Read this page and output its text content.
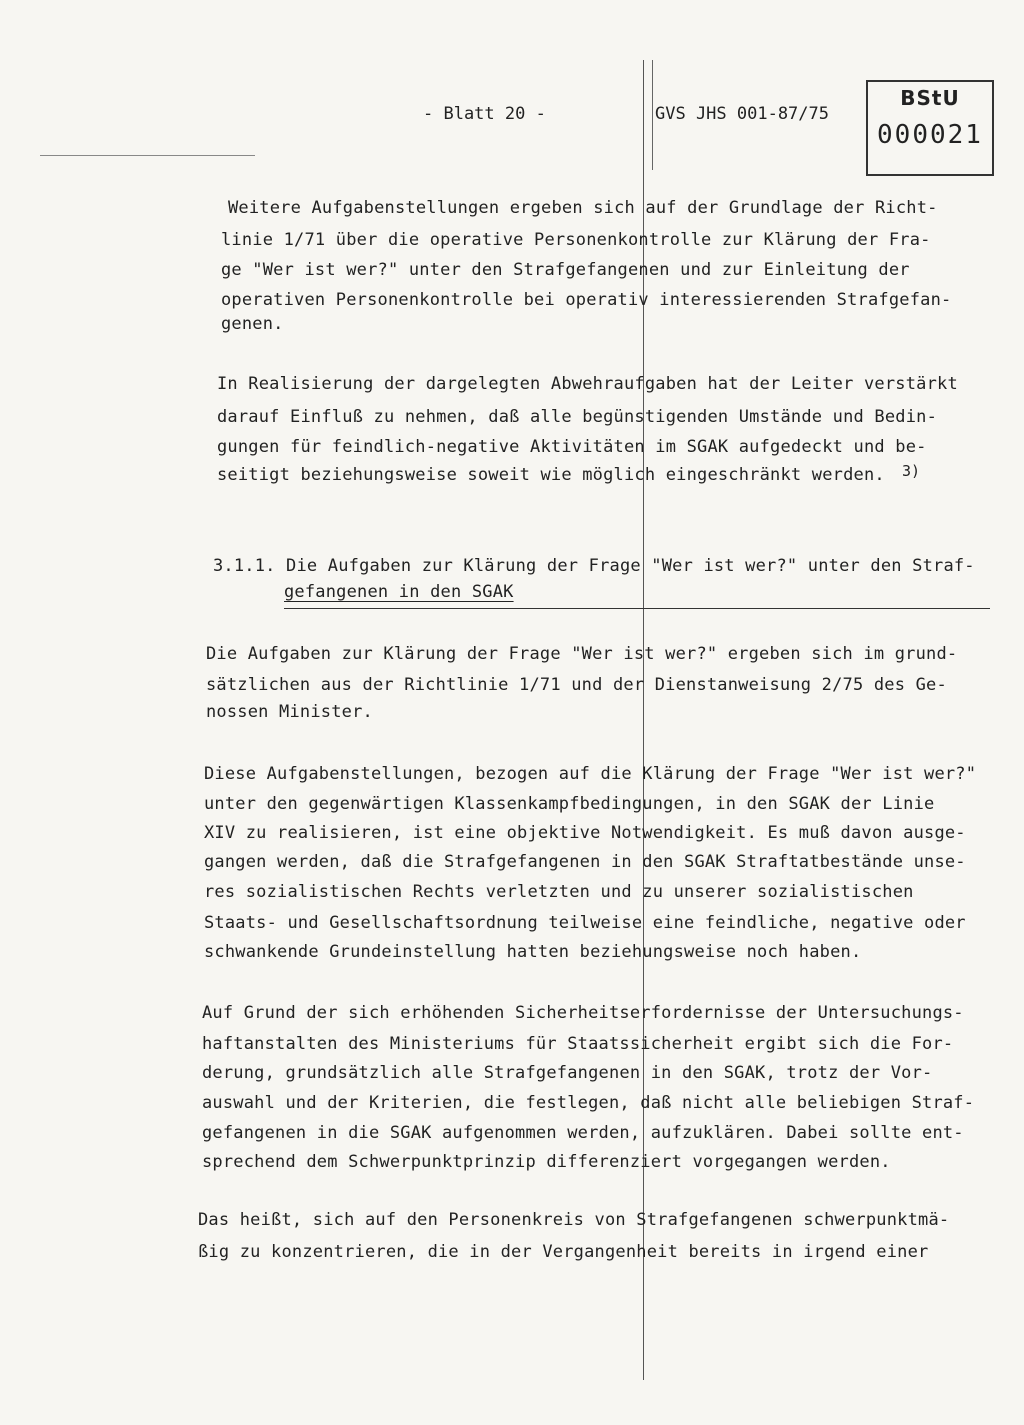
- Blatt 20 -	GVS JHS 001-87/75
BStU
000021
Weitere Aufgabenstellungen ergeben sich auf der Grundlage der Richt-
linie 1/71 über die operative Personenkontrolle zur Klärung der Fra-
ge "Wer ist wer?" unter den Strafgefangenen und zur Einleitung der
operativen Personenkontrolle bei operativ interessierenden Strafgefan-
genen.
In Realisierung der dargelegten Abwehraufgaben hat der Leiter verstärkt
darauf Einfluß zu nehmen, daß alle begünstigenden Umstände und Bedin-
gungen für feindlich-negative Aktivitäten im SGAK aufgedeckt und be-
seitigt beziehungsweise soweit wie möglich eingeschränkt werden. 3)
3.1.1. Die Aufgaben zur Klärung der Frage "Wer ist wer?" unter den Straf-
gefangenen in den SGAK
Die Aufgaben zur Klärung der Frage "Wer ist wer?" ergeben sich im grund-
sätzlichen aus der Richtlinie 1/71 und der Dienstanweisung 2/75 des Ge-
nossen Minister.
Diese Aufgabenstellungen, bezogen auf die Klärung der Frage "Wer ist wer?"
unter den gegenwärtigen Klassenkampfbedingungen, in den SGAK der Linie
XIV zu realisieren, ist eine objektive Notwendigkeit. Es muß davon ausge-
gangen werden, daß die Strafgefangenen in den SGAK Straftatbestände unse-
res sozialistischen Rechts verletzten und zu unserer sozialistischen
Staats- und Gesellschaftsordnung teilweise eine feindliche, negative oder
schwankende Grundeinstellung hatten beziehungsweise noch haben.
Auf Grund der sich erhöhenden Sicherheitserfordernisse der Untersuchungs-
haftanstalten des Ministeriums für Staatssicherheit ergibt sich die For-
derung, grundsätzlich alle Strafgefangenen in den SGAK, trotz der Vor-
auswahl und der Kriterien, die festlegen, daß nicht alle beliebigen Straf-
gefangenen in die SGAK aufgenommen werden, aufzuklären. Dabei sollte ent-
sprechend dem Schwerpunktprinzip differenziert vorgegangen werden.
Das heißt, sich auf den Personenkreis von Strafgefangenen schwerpunktmä-
ßig zu konzentrieren, die in der Vergangenheit bereits in irgend einer
